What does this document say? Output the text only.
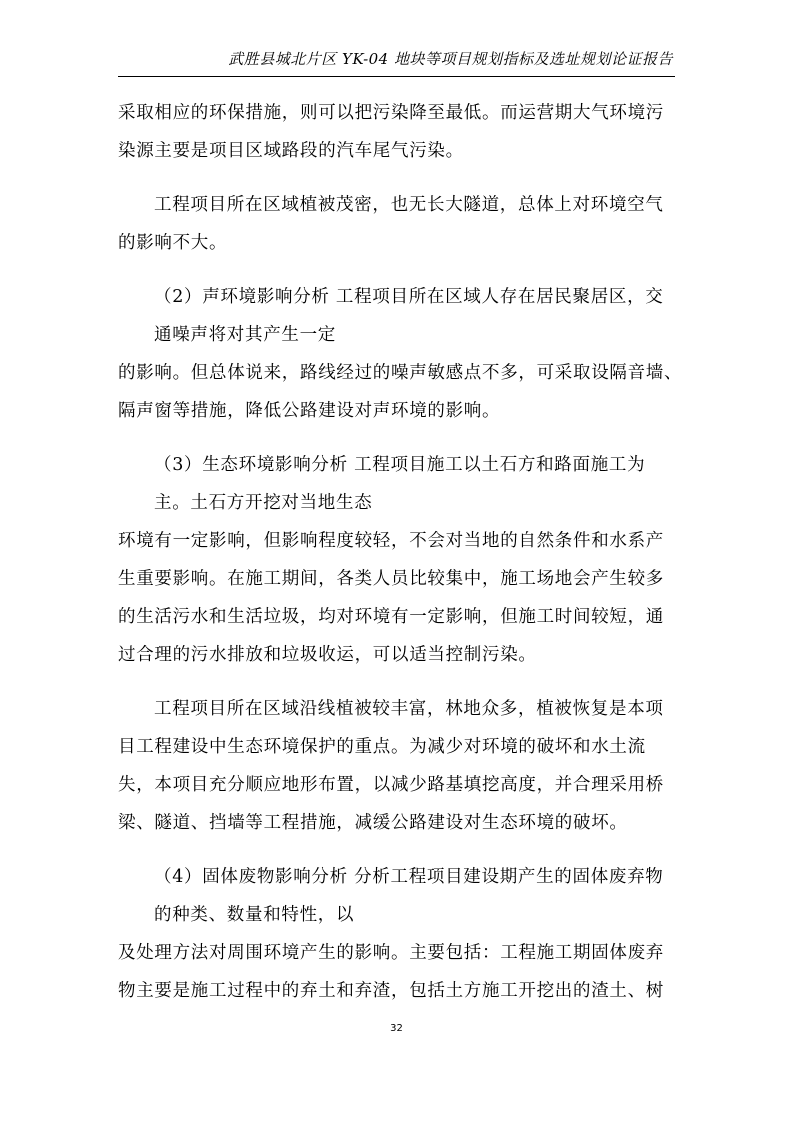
武胜县城北片区 YK-04 地块等项目规划指标及选址规划论证报告
采取相应的环保措施，则可以把污染降至最低。而运营期大气环境污
染源主要是项目区域路段的汽车尾气污染。
工程项目所在区域植被茂密，也无长大隧道，总体上对环境空气
的影响不大。
（2）声环境影响分析 工程项目所在区域人存在居民聚居区，交
通噪声将对其产生一定
的影响。但总体说来，路线经过的噪声敏感点不多，可采取设隔音墙、
隔声窗等措施，降低公路建设对声环境的影响。
（3）生态环境影响分析 工程项目施工以土石方和路面施工为
主。土石方开挖对当地生态
环境有一定影响，但影响程度较轻，不会对当地的自然条件和水系产
生重要影响。在施工期间，各类人员比较集中，施工场地会产生较多
的生活污水和生活垃圾，均对环境有一定影响，但施工时间较短，通
过合理的污水排放和垃圾收运，可以适当控制污染。
工程项目所在区域沿线植被较丰富，林地众多，植被恢复是本项
目工程建设中生态环境保护的重点。为减少对环境的破坏和水土流
失，本项目充分顺应地形布置，以减少路基填挖高度，并合理采用桥
梁、隧道、挡墙等工程措施，减缓公路建设对生态环境的破坏。
（4）固体废物影响分析 分析工程项目建设期产生的固体废弃物
的种类、数量和特性，以
及处理方法对周围环境产生的影响。主要包括：工程施工期固体废弃
物主要是施工过程中的弃土和弃渣，包括土方施工开挖出的渣土、树
32
